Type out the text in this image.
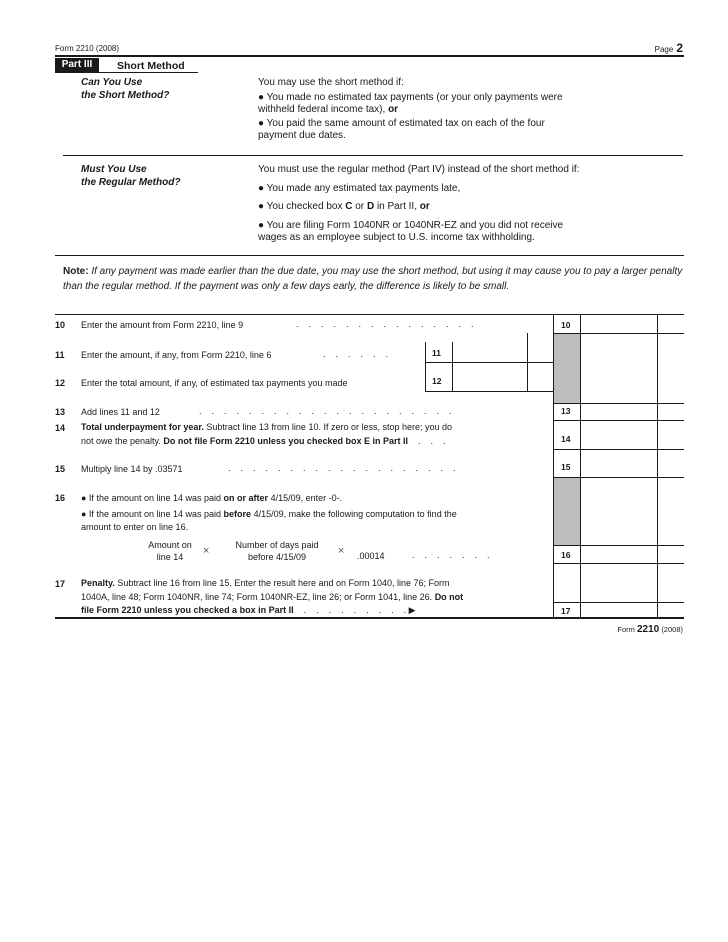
Form 2210 (2008)	Page 2
Part III	Short Method
Can You Use
the Short Method?
You may use the short method if:
● You made no estimated tax payments (or your only payments were
withheld federal income tax), or
● You paid the same amount of estimated tax on each of the four
payment due dates.
Must You Use
the Regular Method?
You must use the regular method (Part IV) instead of the short method if:
● You made any estimated tax payments late,
● You checked box C or D in Part II, or
● You are filing Form 1040NR or 1040NR-EZ and you did not receive
wages as an employee subject to U.S. income tax withholding.
Note: If any payment was made earlier than the due date, you may use the short method, but using it may cause you to pay a larger penalty than the regular method. If the payment was only a few days early, the difference is likely to be small.
10 Enter the amount from Form 2210, line 9	.    .    .    .    .    .    .    .    .    .    .    .    .    .    .	10
11 Enter the amount, if any, from Form 2210, line 6	.    .    .    .    .    .	11
12 Enter the total amount, if any, of estimated tax payments you made	12
13 Add lines 11 and 12	.    .    .    .    .    .    .    .    .    .    .    .    .    .    .    .    .    .    .    .    .	13
14 Total underpayment for year. Subtract line 13 from line 10. If zero or less, stop here; you do
not owe the penalty. Do not file Form 2210 unless you checked box E in Part II    .    .    .	14
15 Multiply line 14 by .03571	.    .    .    .    .    .    .    .    .    .    .    .    .    .    .    .    .    .    .	15
16 ● If the amount on line 14 was paid on or after 4/15/09, enter -0-.
● If the amount on line 14 was paid before 4/15/09, make the following computation to find the
amount to enter on line 16.
Amount on
line 14	×	Number of days paid
before 4/15/09	× .00014	.    .    .    .    .    .    .	16
17 Penalty. Subtract line 16 from line 15. Enter the result here and on Form 1040, line 76; Form
1040A, line 48; Form 1040NR, line 74; Form 1040NR-EZ, line 26; or Form 1041, line 26. Do not
file Form 2210 unless you checked a box in Part II    .    .    .    .    .    .    .    .    . ▶	17
Form 2210 (2008)
